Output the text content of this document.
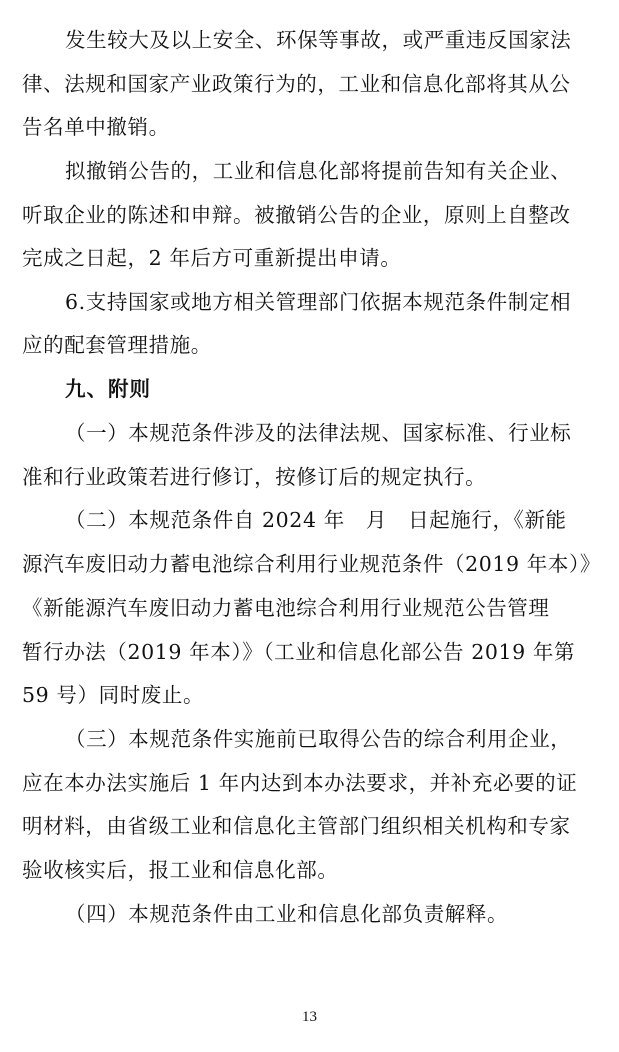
发生较大及以上安全、环保等事故，或严重违反国家法
律、法规和国家产业政策行为的，工业和信息化部将其从公
告名单中撤销。
拟撤销公告的，工业和信息化部将提前告知有关企业、
听取企业的陈述和申辩。被撤销公告的企业，原则上自整改
完成之日起，2 年后方可重新提出申请。
6.支持国家或地方相关管理部门依据本规范条件制定相
应的配套管理措施。
九、附则
（一）本规范条件涉及的法律法规、国家标准、行业标
准和行业政策若进行修订，按修订后的规定执行。
（二）本规范条件自 2024 年　月　日起施行，《新能
源汽车废旧动力蓄电池综合利用行业规范条件（2019 年本）》
《新能源汽车废旧动力蓄电池综合利用行业规范公告管理
暂行办法（2019 年本）》（工业和信息化部公告 2019 年第
59 号）同时废止。
（三）本规范条件实施前已取得公告的综合利用企业，
应在本办法实施后 1 年内达到本办法要求，并补充必要的证
明材料，由省级工业和信息化主管部门组织相关机构和专家
验收核实后，报工业和信息化部。
（四）本规范条件由工业和信息化部负责解释。
13
